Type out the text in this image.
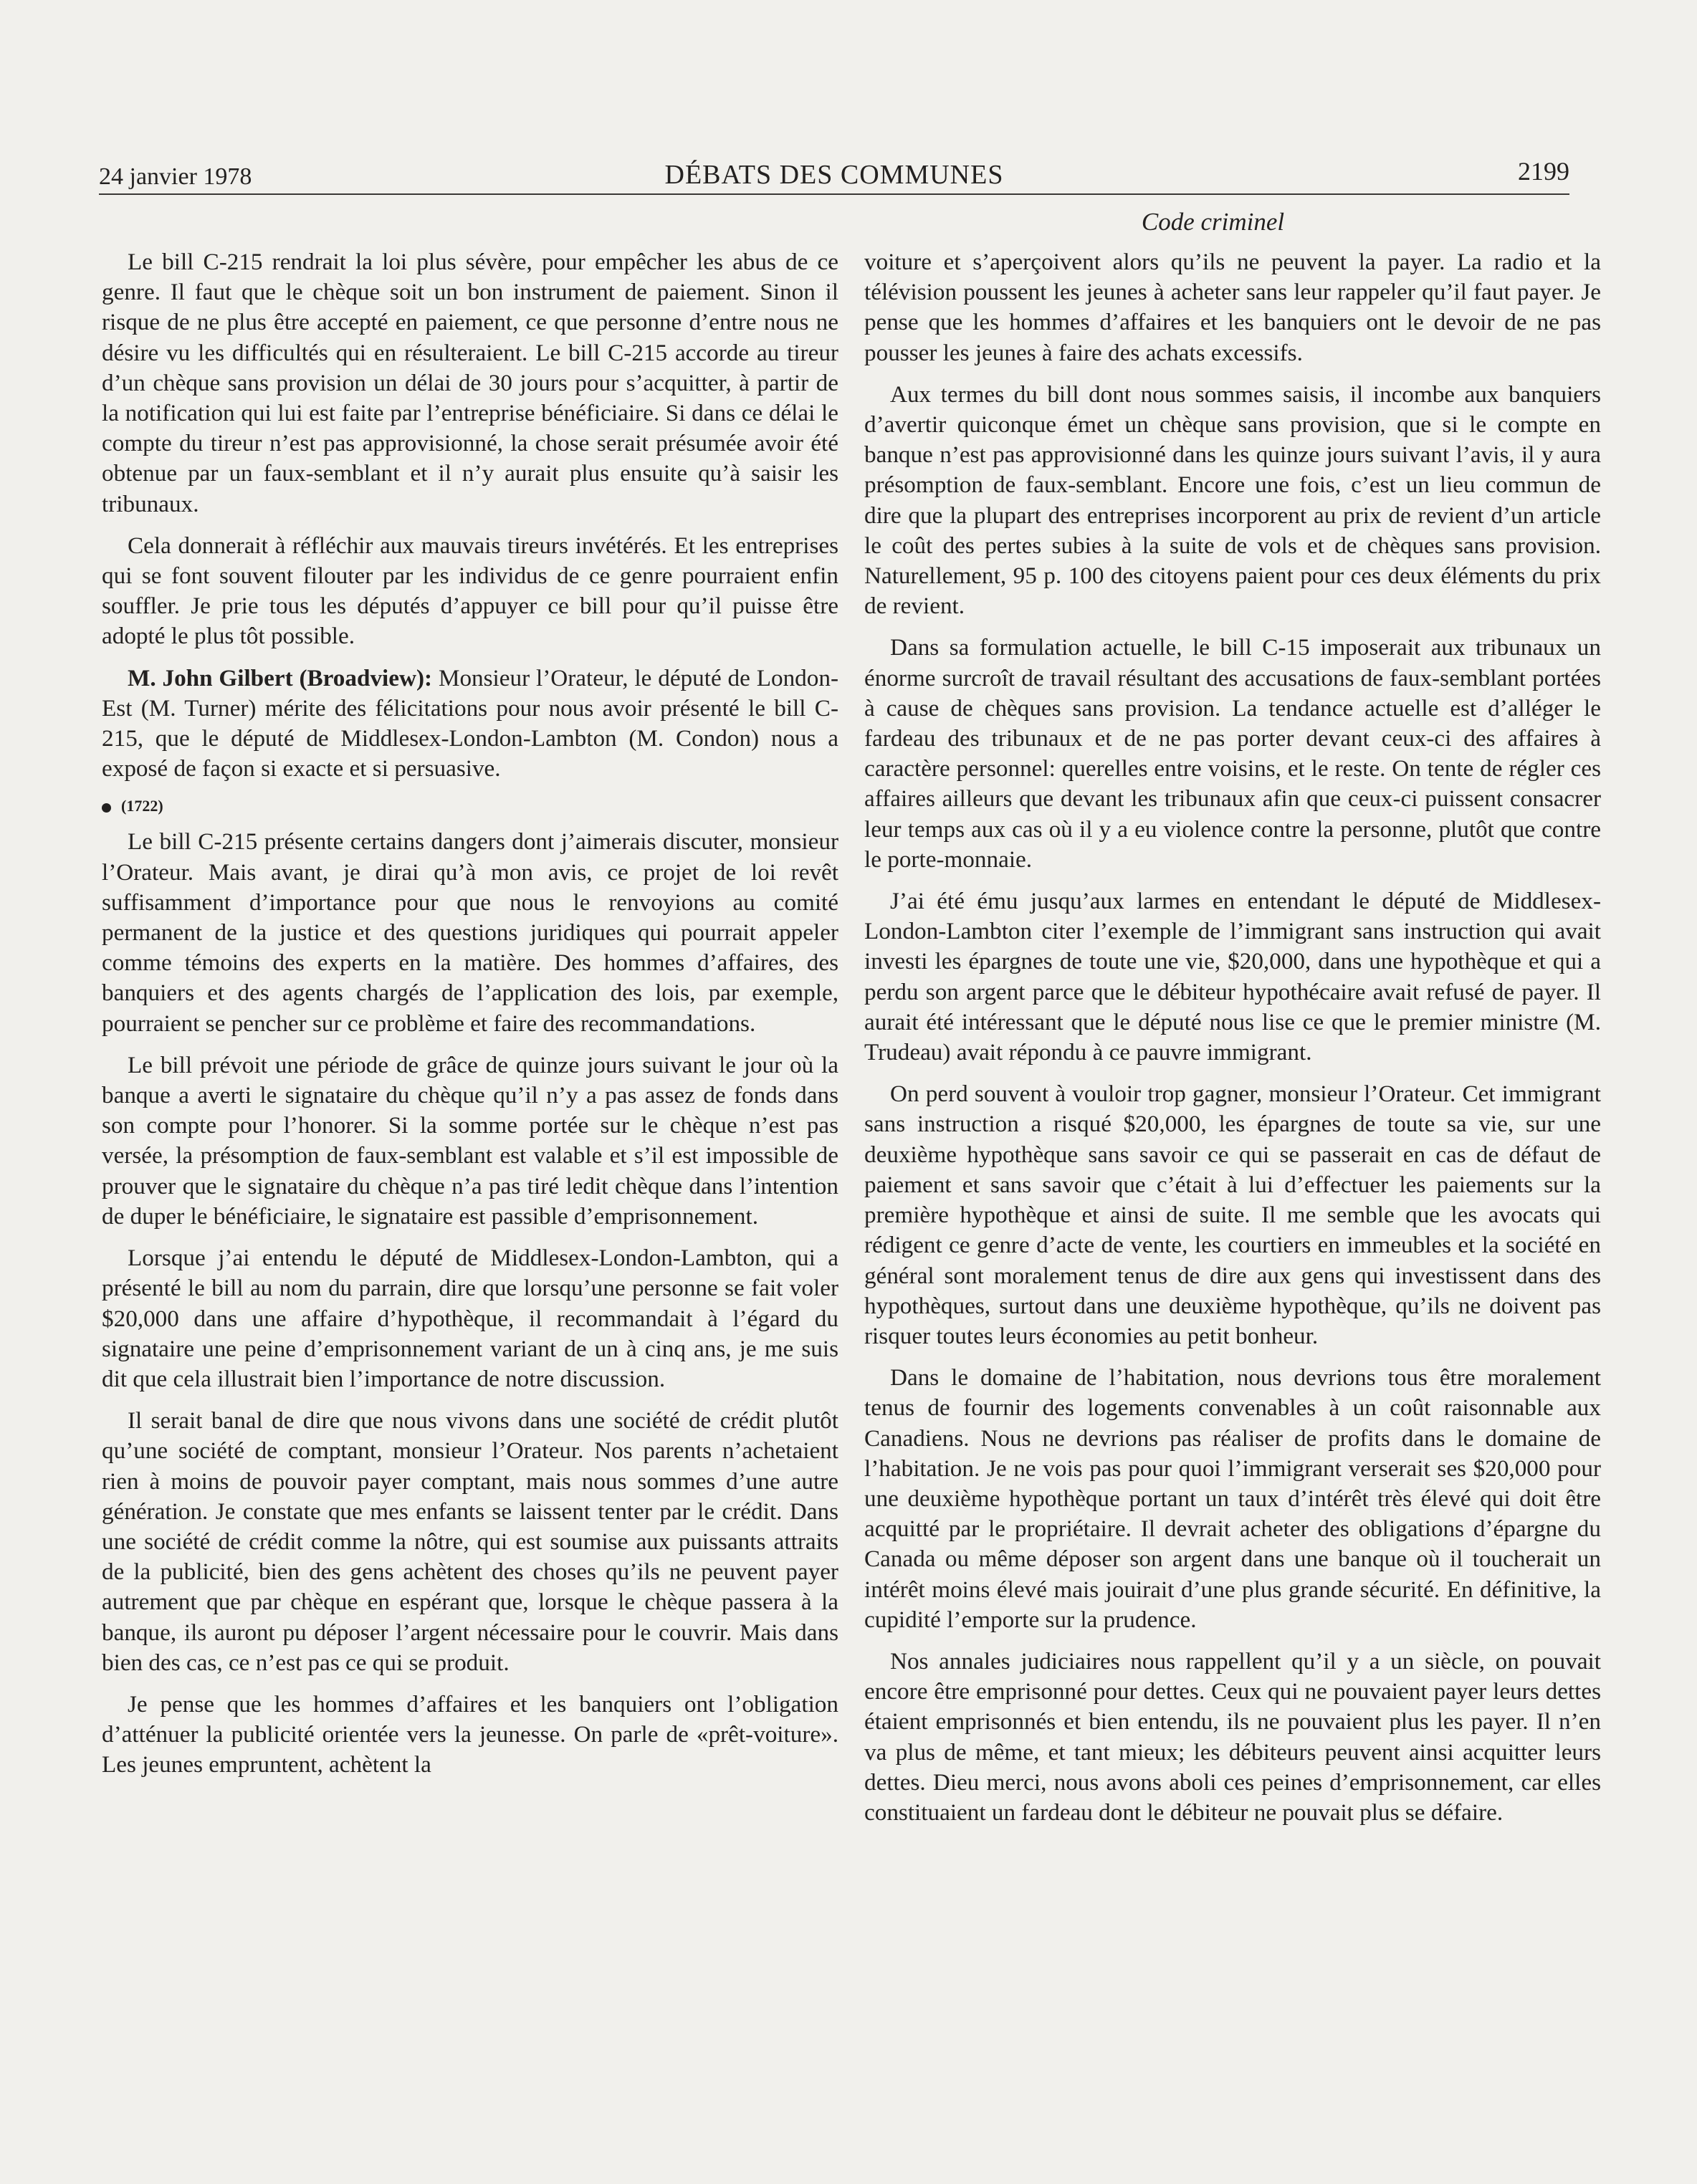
24 janvier 1978	DÉBATS DES COMMUNES	2199
Code criminel

Le bill C-215 rendrait la loi plus sévère, pour empêcher les abus de ce genre. Il faut que le chèque soit un bon instrument de paiement. Sinon il risque de ne plus être accepté en paiement, ce que personne d’entre nous ne désire vu les difficultés qui en résulteraient. Le bill C-215 accorde au tireur d’un chèque sans provision un délai de 30 jours pour s’acquitter, à partir de la notification qui lui est faite par l’entreprise bénéficiaire. Si dans ce délai le compte du tireur n’est pas approvisionné, la chose serait présumée avoir été obtenue par un faux-semblant et il n’y aurait plus ensuite qu’à saisir les tribunaux.

Cela donnerait à réfléchir aux mauvais tireurs invétérés. Et les entreprises qui se font souvent filouter par les individus de ce genre pourraient enfin souffler. Je prie tous les députés d’appuyer ce bill pour qu’il puisse être adopté le plus tôt possible.

M. John Gilbert (Broadview): Monsieur l’Orateur, le député de London-Est (M. Turner) mérite des félicitations pour nous avoir présenté le bill C-215, que le député de Middlesex-London-Lambton (M. Condon) nous a exposé de façon si exacte et si persuasive.

(1722)

Le bill C-215 présente certains dangers dont j’aimerais discuter, monsieur l’Orateur. Mais avant, je dirai qu’à mon avis, ce projet de loi revêt suffisamment d’importance pour que nous le renvoyions au comité permanent de la justice et des questions juridiques qui pourrait appeler comme témoins des experts en la matière. Des hommes d’affaires, des banquiers et des agents chargés de l’application des lois, par exemple, pourraient se pencher sur ce problème et faire des recommandations.

Le bill prévoit une période de grâce de quinze jours suivant le jour où la banque a averti le signataire du chèque qu’il n’y a pas assez de fonds dans son compte pour l’honorer. Si la somme portée sur le chèque n’est pas versée, la présomption de faux-semblant est valable et s’il est impossible de prouver que le signataire du chèque n’a pas tiré ledit chèque dans l’intention de duper le bénéficiaire, le signataire est passible d’emprisonnement.

Lorsque j’ai entendu le député de Middlesex-London-Lambton, qui a présenté le bill au nom du parrain, dire que lorsqu’une personne se fait voler $20,000 dans une affaire d’hypothèque, il recommandait à l’égard du signataire une peine d’emprisonnement variant de un à cinq ans, je me suis dit que cela illustrait bien l’importance de notre discussion.

Il serait banal de dire que nous vivons dans une société de crédit plutôt qu’une société de comptant, monsieur l’Orateur. Nos parents n’achetaient rien à moins de pouvoir payer comptant, mais nous sommes d’une autre génération. Je constate que mes enfants se laissent tenter par le crédit. Dans une société de crédit comme la nôtre, qui est soumise aux puissants attraits de la publicité, bien des gens achètent des choses qu’ils ne peuvent payer autrement que par chèque en espérant que, lorsque le chèque passera à la banque, ils auront pu déposer l’argent nécessaire pour le couvrir. Mais dans bien des cas, ce n’est pas ce qui se produit.

Je pense que les hommes d’affaires et les banquiers ont l’obligation d’atténuer la publicité orientée vers la jeunesse. On parle de «prêt-voiture». Les jeunes empruntent, achètent la

voiture et s’aperçoivent alors qu’ils ne peuvent la payer. La radio et la télévision poussent les jeunes à acheter sans leur rappeler qu’il faut payer. Je pense que les hommes d’affaires et les banquiers ont le devoir de ne pas pousser les jeunes à faire des achats excessifs.

Aux termes du bill dont nous sommes saisis, il incombe aux banquiers d’avertir quiconque émet un chèque sans provision, que si le compte en banque n’est pas approvisionné dans les quinze jours suivant l’avis, il y aura présomption de faux-semblant. Encore une fois, c’est un lieu commun de dire que la plupart des entreprises incorporent au prix de revient d’un article le coût des pertes subies à la suite de vols et de chèques sans provision. Naturellement, 95 p. 100 des citoyens paient pour ces deux éléments du prix de revient.

Dans sa formulation actuelle, le bill C-15 imposerait aux tribunaux un énorme surcroît de travail résultant des accusations de faux-semblant portées à cause de chèques sans provision. La tendance actuelle est d’alléger le fardeau des tribunaux et de ne pas porter devant ceux-ci des affaires à caractère personnel: querelles entre voisins, et le reste. On tente de régler ces affaires ailleurs que devant les tribunaux afin que ceux-ci puissent consacrer leur temps aux cas où il y a eu violence contre la personne, plutôt que contre le porte-monnaie.

J’ai été ému jusqu’aux larmes en entendant le député de Middlesex-London-Lambton citer l’exemple de l’immigrant sans instruction qui avait investi les épargnes de toute une vie, $20,000, dans une hypothèque et qui a perdu son argent parce que le débiteur hypothécaire avait refusé de payer. Il aurait été intéressant que le député nous lise ce que le premier ministre (M. Trudeau) avait répondu à ce pauvre immigrant.

On perd souvent à vouloir trop gagner, monsieur l’Orateur. Cet immigrant sans instruction a risqué $20,000, les épargnes de toute sa vie, sur une deuxième hypothèque sans savoir ce qui se passerait en cas de défaut de paiement et sans savoir que c’était à lui d’effectuer les paiements sur la première hypothèque et ainsi de suite. Il me semble que les avocats qui rédigent ce genre d’acte de vente, les courtiers en immeubles et la société en général sont moralement tenus de dire aux gens qui investissent dans des hypothèques, surtout dans une deuxième hypothèque, qu’ils ne doivent pas risquer toutes leurs économies au petit bonheur.

Dans le domaine de l’habitation, nous devrions tous être moralement tenus de fournir des logements convenables à un coût raisonnable aux Canadiens. Nous ne devrions pas réaliser de profits dans le domaine de l’habitation. Je ne vois pas pour quoi l’immigrant verserait ses $20,000 pour une deuxième hypothèque portant un taux d’intérêt très élevé qui doit être acquitté par le propriétaire. Il devrait acheter des obligations d’épargne du Canada ou même déposer son argent dans une banque où il toucherait un intérêt moins élevé mais jouirait d’une plus grande sécurité. En définitive, la cupidité l’emporte sur la prudence.

Nos annales judiciaires nous rappellent qu’il y a un siècle, on pouvait encore être emprisonné pour dettes. Ceux qui ne pouvaient payer leurs dettes étaient emprisonnés et bien entendu, ils ne pouvaient plus les payer. Il n’en va plus de même, et tant mieux; les débiteurs peuvent ainsi acquitter leurs dettes. Dieu merci, nous avons aboli ces peines d’emprisonnement, car elles constituaient un fardeau dont le débiteur ne pouvait plus se défaire.
